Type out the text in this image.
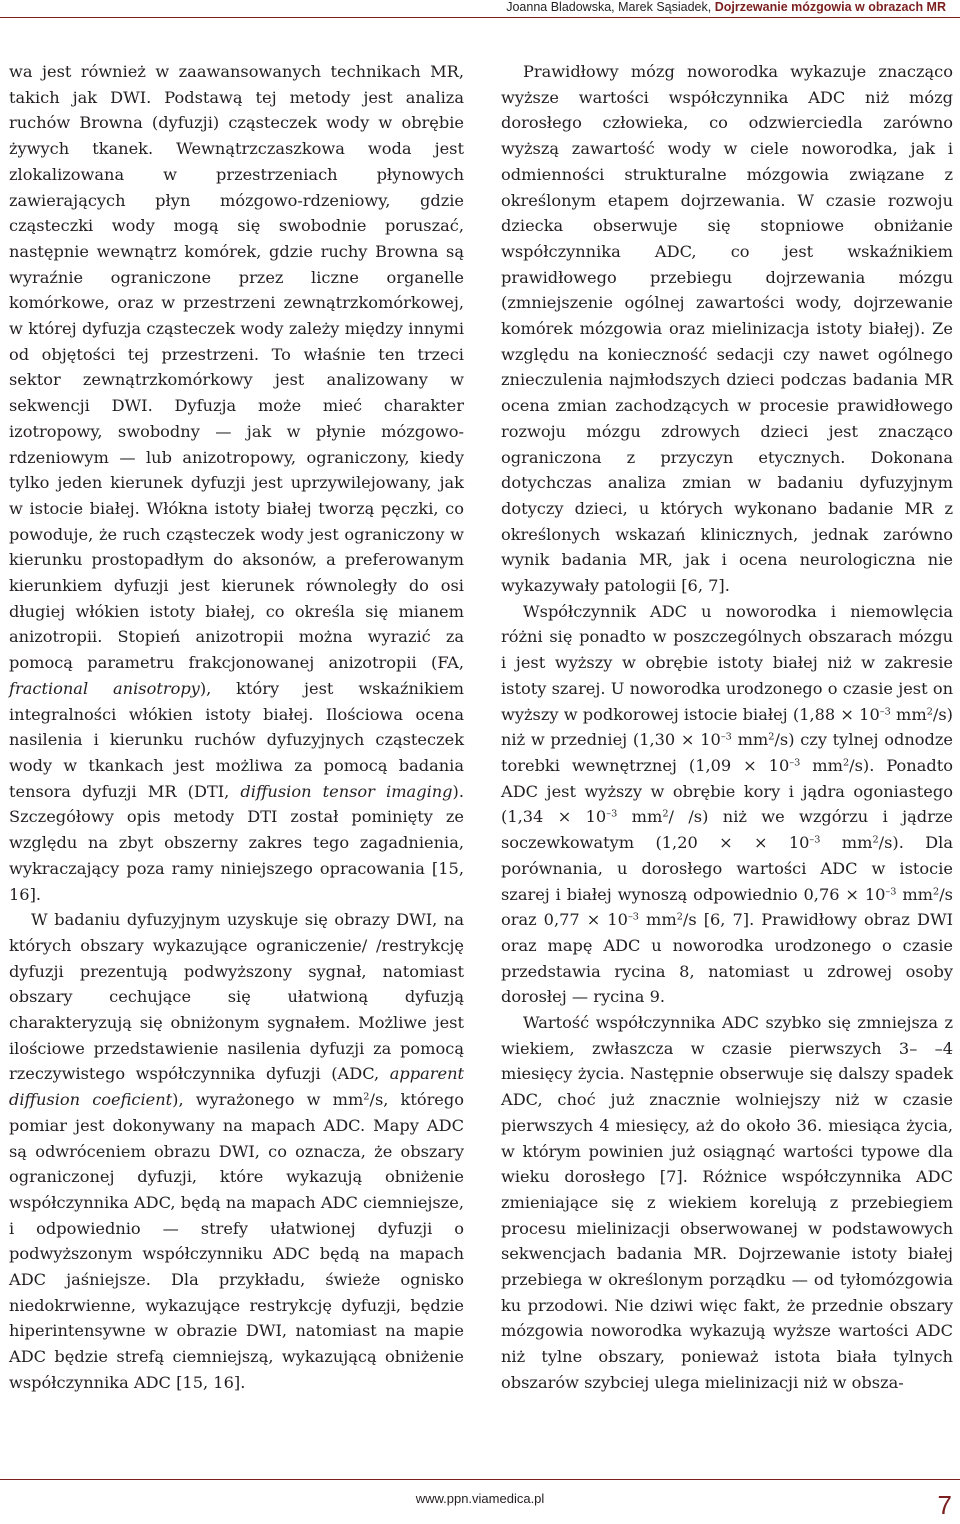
Joanna Bladowska, Marek Sąsiadek, Dojrzewanie mózgowia w obrazach MR

wa jest również w zaawansowanych technikach MR, takich jak DWI. Podstawą tej metody jest analiza ruchów Browna (dyfuzji) cząsteczek wody w obrębie żywych tkanek. Wewnątrzczaszkowa woda jest zlokalizowana w przestrzeniach płynowych zawierających płyn mózgowo-rdzeniowy, gdzie cząsteczki wody mogą się swobodnie poruszać, następnie wewnątrz komórek, gdzie ruchy Browna są wyraźnie ograniczone przez liczne organelle komórkowe, oraz w przestrzeni zewnątrzkomórkowej, w której dyfuzja cząsteczek wody zależy między innymi od objętości tej przestrzeni. To właśnie ten trzeci sektor zewnątrzkomórkowy jest analizowany w sekwencji DWI. Dyfuzja może mieć charakter izotropowy, swobodny — jak w płynie mózgowo-rdzeniowym — lub anizotropowy, ograniczony, kiedy tylko jeden kierunek dyfuzji jest uprzywilejowany, jak w istocie białej. Włókna istoty białej tworzą pęczki, co powoduje, że ruch cząsteczek wody jest ograniczony w kierunku prostopadłym do aksonów, a preferowanym kierunkiem dyfuzji jest kierunek równoległy do osi długiej włókien istoty białej, co określa się mianem anizotropii. Stopień anizotropii można wyrazić za pomocą parametru frakcjonowanej anizotropii (FA, fractional anisotropy), który jest wskaźnikiem integralności włókien istoty białej. Ilościowa ocena nasilenia i kierunku ruchów dyfuzyjnych cząsteczek wody w tkankach jest możliwa za pomocą badania tensora dyfuzji MR (DTI, diffusion tensor imaging). Szczegółowy opis metody DTI został pominięty ze względu na zbyt obszerny zakres tego zagadnienia, wykraczający poza ramy niniejszego opracowania [15, 16].

W badaniu dyfuzyjnym uzyskuje się obrazy DWI, na których obszary wykazujące ograniczenie/ /restrykcję dyfuzji prezentują podwyższony sygnał, natomiast obszary cechujące się ułatwioną dyfuzją charakteryzują się obniżonym sygnałem. Możliwe jest ilościowe przedstawienie nasilenia dyfuzji za pomocą rzeczywistego współczynnika dyfuzji (ADC, apparent diffusion coeficient), wyrażonego w $mm^2/s$, którego pomiar jest dokonywany na mapach ADC. Mapy ADC są odwróceniem obrazu DWI, co oznacza, że obszary ograniczonej dyfuzji, które wykazują obniżenie współczynnika ADC, będą na mapach ADC ciemniejsze, i odpowiednio — strefy ułatwionej dyfuzji o podwyższonym współczynniku ADC będą na mapach ADC jaśniejsze. Dla przykładu, świeże ognisko niedokrwienne, wykazujące restrykcję dyfuzji, będzie hiperintensywne w obrazie DWI, natomiast na mapie ADC będzie strefą ciemniejszą, wykazującą obniżenie współczynnika ADC [15, 16].

Prawidłowy mózg noworodka wykazuje znacząco wyższe wartości współczynnika ADC niż mózg dorosłego człowieka, co odzwierciedla zarówno wyższą zawartość wody w ciele noworodka, jak i odmienności strukturalne mózgowia związane z określonym etapem dojrzewania. W czasie rozwoju dziecka obserwuje się stopniowe obniżanie współczynnika ADC, co jest wskaźnikiem prawidłowego przebiegu dojrzewania mózgu (zmniejszenie ogólnej zawartości wody, dojrzewanie komórek mózgowia oraz mielinizacja istoty białej). Ze względu na konieczność sedacji czy nawet ogólnego znieczulenia najmłodszych dzieci podczas badania MR ocena zmian zachodzących w procesie prawidłowego rozwoju mózgu zdrowych dzieci jest znacząco ograniczona z przyczyn etycznych. Dokonana dotychczas analiza zmian w badaniu dyfuzyjnym dotyczy dzieci, u których wykonano badanie MR z określonych wskazań klinicznych, jednak zarówno wynik badania MR, jak i ocena neurologiczna nie wykazywały patologii [6, 7].

Współczynnik ADC u noworodka i niemowlęcia różni się ponadto w poszczególnych obszarach mózgu i jest wyższy w obrębie istoty białej niż w zakresie istoty szarej. U noworodka urodzonego o czasie jest on wyższy w podkorowej istocie białej ($1,88 \times 10^{-3}$ $mm^2/s$) niż w przedniej ($1,30 \times 10^{-3}$ $mm^2/s$) czy tylnej odnodze torebki wewnętrznej ($1,09 \times 10^{-3}$ $mm^2/s$). Ponadto ADC jest wyższy w obrębie kory i jądra ogoniastego ($1,34 \times 10^{-3}$ $mm^2/$ /s) niż we wzgórzu i jądrze soczewkowatym (1,20 × × $10^{-3}$ $mm^2/s$). Dla porównania, u dorosłego wartości ADC w istocie szarej i białej wynoszą odpowiednio $0,76 \times 10^{-3}$ $mm^2/s$ oraz $0,77 \times 10^{-3}$ $mm^2/s$ [6, 7]. Prawidłowy obraz DWI oraz mapę ADC u noworodka urodzonego o czasie przedstawia rycina 8, natomiast u zdrowej osoby dorosłej — rycina 9.

Wartość współczynnika ADC szybko się zmniejsza z wiekiem, zwłaszcza w czasie pierwszych 3– –4 miesięcy życia. Następnie obserwuje się dalszy spadek ADC, choć już znacznie wolniejszy niż w czasie pierwszych 4 miesięcy, aż do około 36. miesiąca życia, w którym powinien już osiągnąć wartości typowe dla wieku dorosłego [7]. Różnice współczynnika ADC zmieniające się z wiekiem korelują z przebiegiem procesu mielinizacji obserwowanej w podstawowych sekwencjach badania MR. Dojrzewanie istoty białej przebiega w określonym porządku — od tyłomózgowia ku przodowi. Nie dziwi więc fakt, że przednie obszary mózgowia noworodka wykazują wyższe wartości ADC niż tylne obszary, ponieważ istota biała tylnych obszarów szybciej ulega mielinizacji niż w obsza-

www.ppn.viamedica.pl	7
